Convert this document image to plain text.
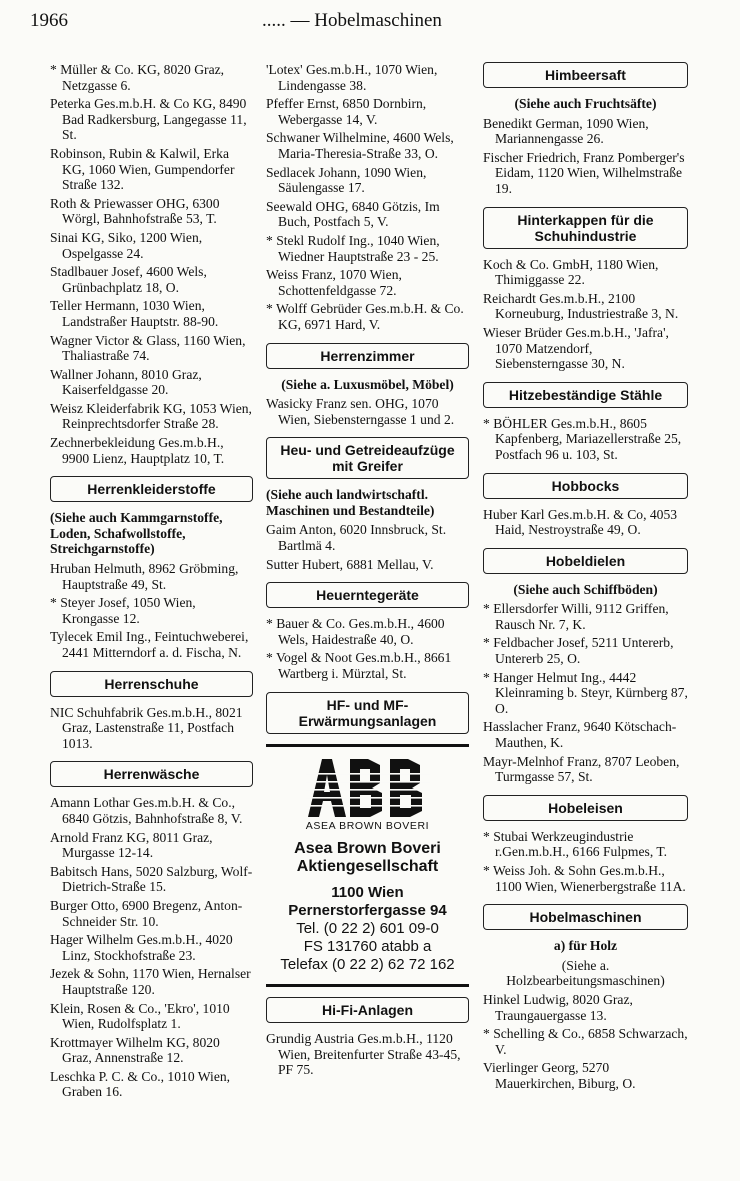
1966	..... — Hobelmaschinen
* Müller & Co. KG, 8020 Graz, Netzgasse 6.
Peterka Ges.m.b.H. & Co KG, 8490 Bad Radkersburg, Langegasse 11, St.
Robinson, Rubin & Kalwil, Erka KG, 1060 Wien, Gumpendorfer Straße 132.
Roth & Priewasser OHG, 6300 Wörgl, Bahnhofstraße 53, T.
Sinai KG, Siko, 1200 Wien, Ospelgasse 24.
Stadlbauer Josef, 4600 Wels, Grünbachplatz 18, O.
Teller Hermann, 1030 Wien, Landstraßer Hauptstr. 88-90.
Wagner Victor & Glass, 1160 Wien, Thaliastraße 74.
Wallner Johann, 8010 Graz, Kaiserfeldgasse 20.
Weisz Kleiderfabrik KG, 1053 Wien, Reinprechtsdorfer Straße 28.
Zechnerbekleidung Ges.m.b.H., 9900 Lienz, Hauptplatz 10, T.
Herrenkleiderstoffe
(Siehe auch Kammgarnstoffe, Loden, Schafwollstoffe, Streichgarnstoffe)
Hruban Helmuth, 8962 Gröbming, Hauptstraße 49, St.
* Steyer Josef, 1050 Wien, Krongasse 12.
Tylecek Emil Ing., Feintuchweberei, 2441 Mitterndorf a. d. Fischa, N.
Herrenschuhe
NIC Schuhfabrik Ges.m.b.H., 8021 Graz, Lastenstraße 11, Postfach 1013.
Herrenwäsche
Amann Lothar Ges.m.b.H. & Co., 6840 Götzis, Bahnhofstraße 8, V.
Arnold Franz KG, 8011 Graz, Murgasse 12-14.
Babitsch Hans, 5020 Salzburg, Wolf-Dietrich-Straße 15.
Burger Otto, 6900 Bregenz, Anton-Schneider Str. 10.
Hager Wilhelm Ges.m.b.H., 4020 Linz, Stockhofstraße 23.
Jezek & Sohn, 1170 Wien, Hernalser Hauptstraße 120.
Klein, Rosen & Co., 'Ekro', 1010 Wien, Rudolfsplatz 1.
Krottmayer Wilhelm KG, 8020 Graz, Annenstraße 12.
Leschka P. C. & Co., 1010 Wien, Graben 16.
'Lotex' Ges.m.b.H., 1070 Wien, Lindengasse 38.
Pfeffer Ernst, 6850 Dornbirn, Webergasse 14, V.
Schwaner Wilhelmine, 4600 Wels, Maria-Theresia-Straße 33, O.
Sedlacek Johann, 1090 Wien, Säulengasse 17.
Seewald OHG, 6840 Götzis, Im Buch, Postfach 5, V.
* Stekl Rudolf Ing., 1040 Wien, Wiedner Hauptstraße 23 - 25.
Weiss Franz, 1070 Wien, Schottenfeldgasse 72.
* Wolff Gebrüder Ges.m.b.H. & Co. KG, 6971 Hard, V.
Herrenzimmer
(Siehe a. Luxusmöbel, Möbel)
Wasicky Franz sen. OHG, 1070 Wien, Siebensterngasse 1 und 2.
Heu- und Getreideaufzüge mit Greifer
(Siehe auch landwirtschaftl. Maschinen und Bestandteile)
Gaim Anton, 6020 Innsbruck, St. Bartlmä 4.
Sutter Hubert, 6881 Mellau, V.
Heuerntegeräte
* Bauer & Co. Ges.m.b.H., 4600 Wels, Haidestraße 40, O.
* Vogel & Noot Ges.m.b.H., 8661 Wartberg i. Mürztal, St.
HF- und MF-Erwärmungsanlagen
ASEA BROWN BOVERI
Asea Brown Boveri Aktiengesellschaft
1100 Wien
Pernerstorfergasse 94
Tel. (0 22 2) 601 09-0
FS 131760 atabb a
Telefax (0 22 2) 62 72 162
Hi-Fi-Anlagen
Grundig Austria Ges.m.b.H., 1120 Wien, Breitenfurter Straße 43-45, PF 75.
Himbeersaft
(Siehe auch Fruchtsäfte)
Benedikt German, 1090 Wien, Mariannengasse 26.
Fischer Friedrich, Franz Pomberger's Eidam, 1120 Wien, Wilhelmstraße 19.
Hinterkappen für die Schuhindustrie
Koch & Co. GmbH, 1180 Wien, Thimiggasse 22.
Reichardt Ges.m.b.H., 2100 Korneuburg, Industriestraße 3, N.
Wieser Brüder Ges.m.b.H., 'Jafra', 1070 Matzendorf, Siebensterngasse 30, N.
Hitzebeständige Stähle
* BÖHLER Ges.m.b.H., 8605 Kapfenberg, Mariazellerstraße 25, Postfach 96 u. 103, St.
Hobbocks
Huber Karl Ges.m.b.H. & Co, 4053 Haid, Nestroystraße 49, O.
Hobeldielen
(Siehe auch Schiffböden)
* Ellersdorfer Willi, 9112 Griffen, Rausch Nr. 7, K.
* Feldbacher Josef, 5211 Untererb, Untererb 25, O.
* Hanger Helmut Ing., 4442 Kleinraming b. Steyr, Kürnberg 87, O.
Hasslacher Franz, 9640 Kötschach-Mauthen, K.
Mayr-Melnhof Franz, 8707 Leoben, Turmgasse 57, St.
Hobeleisen
* Stubai Werkzeugindustrie r.Gen.m.b.H., 6166 Fulpmes, T.
* Weiss Joh. & Sohn Ges.m.b.H., 1100 Wien, Wienerbergstraße 11A.
Hobelmaschinen
a) für Holz
(Siehe a. Holzbearbeitungsmaschinen)
Hinkel Ludwig, 8020 Graz, Traungauergasse 13.
* Schelling & Co., 6858 Schwarzach, V.
Vierlinger Georg, 5270 Mauerkirchen, Biburg, O.
